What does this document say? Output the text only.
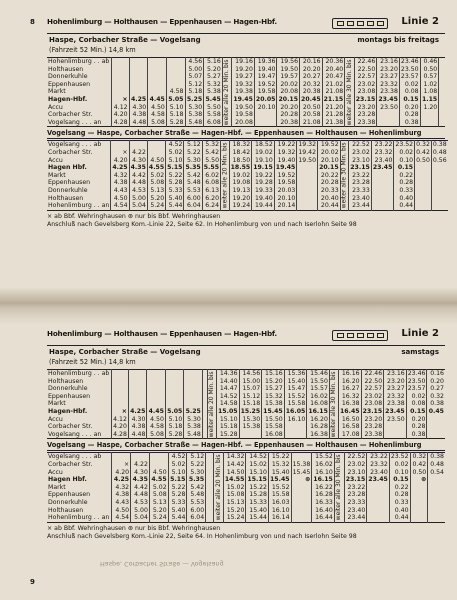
8 Hohenlimburg — Holthausen — Eppenhausen — Hagen-Hbf.	Linie 2
Haspe, Corbacher Straße — Vogelsang	montags bis freitags
(Fahrzeit 52 Min.) 14,8 km
Hohenlimburg . . ab					4.56	5.16	weiter alle 20 Min. bis	19.16	19.36	19.56	20.16	20.36	weiter alle 30 Min. bis	22.46	23.16	23.46	0.46	
Holthausen					5.00	5.20		19.20	19.40	19.50	20.20	20.40		22.50	23.20	23.50	0.50	
Donnerkuhle					5.07	5.27		19.27	19.47	19.57	20.27	20.47		22.57	23.27	23.57	0.57	
Eppenhausen					5.12	5.32		19.32	19.52	20.02	20.32	21.02		23.02	23.32	0.02	1.02	
Markt				4.58	5.18	5.38		19.38	19.58	20.08	20.38	21.08		23.08	23.38	0.08	1.08	
Hagen-Hbf.	×	4.25	4.45	5.05	5.25	5.45		19.45	20.05	20.15	20.45	21.15		23.15	23.45	0.15	1.15	
Accu	4.12	4.30	4.50	5.10	5.30	5.50		19.50	20.10	20.20	20.50	21.20		23.20	23.50	0.20	1.20	
Corbacher Str.	4.20	4.38	4.58	5.18	5.38	5.58		19.58		20.28	20.58	21.28		23.28		0.28		
Vogelsang . . . an	4.28	4.48	5.08	5.28	5.48	6.08		20.08		20.38	21.08	21.38		23.38		0.38		
Vogelsang — Haspe, Corbacher Straße — Hagen-Hbf. — Eppenhausen — Holthausen — Hohenlimburg
Vogelsang . . . ab				4.52	5.12	5.32	weiter alle 20 Min. bis	18.32	18.52	19.22	19.32	19.52	weiter alle 30 Min. bis	22.52	23.22	23.52	0.32	0.38
Corbacher Str.	×	4.22		5.02	5.22	5.42		18.42	19.02	19.32	19.42	20.02		23.02	23.32	0.02	0.42	0.48
Accu	4.20	4.30	4.50	5.10	5.30	5.50		18.50	19.10	19.40	19.50	20.10		23.10	23.40	0.10	0.50	0.56
Hagen Hbf.	4.25	4.35	4.55	5.15	5.35	5.55		18.55	19.15	19.45		20.15		23.15	23.45	0.15		
Markt	4.32	4.42	5.02	5.22	5.42	6.02		19.02	19.22	19.52		20.22		23.22		0.22		
Eppenhausen	4.38	4.48	5.08	5.28	5.48	6.08		19.08	19.28	19.58		20.28		23.28		0.28		
Donnerkuhle	4.43	4.53	5.13	5.33	5.53	6.13		19.13	19.33	20.03		20.33		23.33		0.33		
Holthausen	4.50	5.00	5.20	5.40	6.00	6.20		19.20	19.40	20.10		20.40		23.40		0.40		
Hohenlimburg . . an	4.54	5.04	5.24	5.44	6.04	6.24		19.24	19.44	20.14		20.44		23.44		0.44		
× ab Bbf. Wehringhausen ⊛ nur bis Bbf. Wehringhausen
Anschluß nach Gevelsberg Kom.-Linie 22, Seite 62. In Hohenlimburg von und nach Iserlohn Seite 98
Hohenlimburg — Holthausen — Eppenhausen — Hagen-Hbf.	Linie 2
Haspe, Corbacher Straße — Vogelsang	samstags
(Fahrzeit 52 Min.) 14,8 km
Hohenlimburg . . ab							weiter alle 20 Min. bis	14.36	14.56	15.16	15.36	15.46	weiter alle 30 Min. bis	16.16	22.46	23.16	23.46	0.16
Holthausen								14.40	15.00	15.20	15.40	15.50		16.20	22.50	23.20	23.50	0.20
Donnerkuhle								14.47	15.07	15.27	15.47	15.57		16.27	22.57	23.27	23.57	0.27
Eppenhausen								14.52	15.12	15.32	15.52	16.02		16.32	23.02	23.32	0.02	0.32
Markt								14.58	15.18	15.38	15.58	16.08		16.38	23.08	23.38	0.08	0.38
Hagen-Hbf.	×	4.25	4.45	5.05	5.25			15.05	15.25	15.45	16.05	16.15		16.45	23.15	23.45	0.15	0.45
Accu	4.12	4.30	4.50	5.10	5.30			15.10	15.30	15.50	16.10	16.20		16.50	23.20	23.50	0.20	
Corbacher Str.	4.20	4.38	4.58	5.18	5.38			15.18	15.38	15.58		16.28		16.58	23.28		0.28	
Vogelsang . . . an	4.28	4.48	5.08	5.28	5.48			15.28		16.08		16.38		17.08	23.38		0.38	
Vogelsang — Haspe, Corbacher Straße — Hagen-Hbf. — Eppenhausen — Holthausen — Hohenlimburg
Vogelsang . . . ab				4.52	5.12		weiter alle 20 Min. bis	14.32	14.52	15.22		15.52	weiter alle 30 Min. bis	22.52	23.22	23.52	0.32	0.38
Corbacher Str.	×	4.22		5.02	5.22			14.42	15.02	15.32	15.38	16.02		23.02	23.32	0.02	0.42	0.48
Accu	4.20	4.30	4.50	5.10	5.30			14.50	15.10	15.40	15.45	16.10		23.10	23.40	0.10	0.50	0.54
Hagen Hbf.	4.25	4.35	4.55	5.15	5.35			14.55	15.15	15.45	⊛	16.15		23.15	23.45	0.15	⊛	
Markt	4.32	4.42	5.02	5.22	5.42			15.02	15.22	15.52		16.22		23.22		0.22		
Eppenhausen	4.38	4.48	5.08	5.28	5.48			15.08	15.28	15.58		16.28		23.28		0.28		
Donnerkuhle	4.43	4.53	5.13	5.33	5.53			15.13	15.33	16.03		16.33		23.33		0.33		
Holthausen	4.50	5.00	5.20	5.40	6.00			15.20	15.40	16.10		16.40		23.40		0.40		
Hohenlimburg . . an	4.54	5.04	5.24	5.44	6.04			15.24	15.44	16.14		16.44		23.44		0.44		
× ab Bbf. Wehringhausen ⊛ nur bis Bbf. Wehringhausen
Anschluß nach Gevelsberg Kom.-Linie 22, Seite 64. In Hohenlimburg von und nach Iserlohn Seite 98
9
Haspe, Corbacher Straße — Vogelsang
